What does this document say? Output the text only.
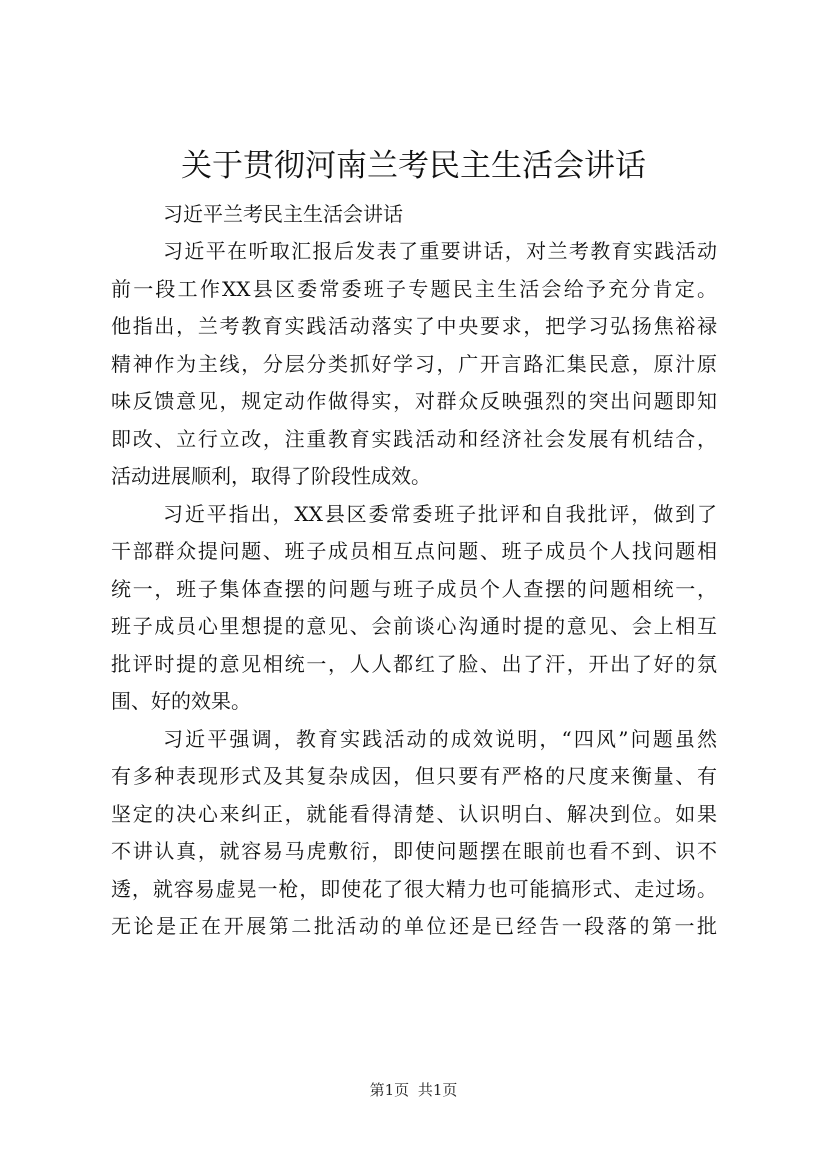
关于贯彻河南兰考民主生活会讲话

习近平兰考民主生活会讲话

习近平在听取汇报后发表了重要讲话，对兰考教育实践活动
前一段工作XX县区委常委班子专题民主生活会给予充分肯定。
他指出，兰考教育实践活动落实了中央要求，把学习弘扬焦裕禄
精神作为主线，分层分类抓好学习，广开言路汇集民意，原汁原
味反馈意见，规定动作做得实，对群众反映强烈的突出问题即知
即改、立行立改，注重教育实践活动和经济社会发展有机结合，
活动进展顺利，取得了阶段性成效。

习近平指出，XX县区委常委班子批评和自我批评，做到了
干部群众提问题、班子成员相互点问题、班子成员个人找问题相
统一，班子集体查摆的问题与班子成员个人查摆的问题相统一，
班子成员心里想提的意见、会前谈心沟通时提的意见、会上相互
批评时提的意见相统一，人人都红了脸、出了汗，开出了好的氛
围、好的效果。

习近平强调，教育实践活动的成效说明，“四风”问题虽然
有多种表现形式及其复杂成因，但只要有严格的尺度来衡量、有
坚定的决心来纠正，就能看得清楚、认识明白、解决到位。如果
不讲认真，就容易马虎敷衍，即使问题摆在眼前也看不到、识不
透，就容易虚晃一枪，即使花了很大精力也可能搞形式、走过场。
无论是正在开展第二批活动的单位还是已经告一段落的第一批

第1页 共1页
